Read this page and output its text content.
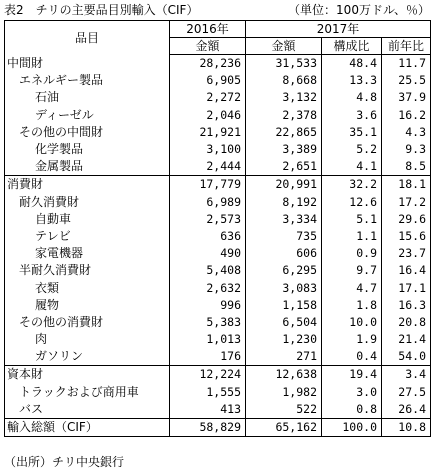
表2　チリの主要品目別輸入（CIF）	（単位：100万ドル、％）
品目	2016年	2017年		
	金額	金額	構成比	前年比
中間財	28,236	31,533	48.4	11.7
エネルギー製品	6,905	8,668	13.3	25.5
石油	2,272	3,132	4.8	37.9
ディーゼル	2,046	2,378	3.6	16.2
その他の中間財	21,921	22,865	35.1	4.3
化学製品	3,100	3,389	5.2	9.3
金属製品	2,444	2,651	4.1	8.5
消費財	17,779	20,991	32.2	18.1
耐久消費財	6,989	8,192	12.6	17.2
自動車	2,573	3,334	5.1	29.6
テレビ	636	735	1.1	15.6
家電機器	490	606	0.9	23.7
半耐久消費財	5,408	6,295	9.7	16.4
衣類	2,632	3,083	4.7	17.1
履物	996	1,158	1.8	16.3
その他の消費財	5,383	6,504	10.0	20.8
肉	1,013	1,230	1.9	21.4
ガソリン	176	271	0.4	54.0
資本財	12,224	12,638	19.4	3.4
トラックおよび商用車	1,555	1,982	3.0	27.5
バス	413	522	0.8	26.4
輸入総額（CIF）	58,829	65,162	100.0	10.8
（出所）チリ中央銀行
